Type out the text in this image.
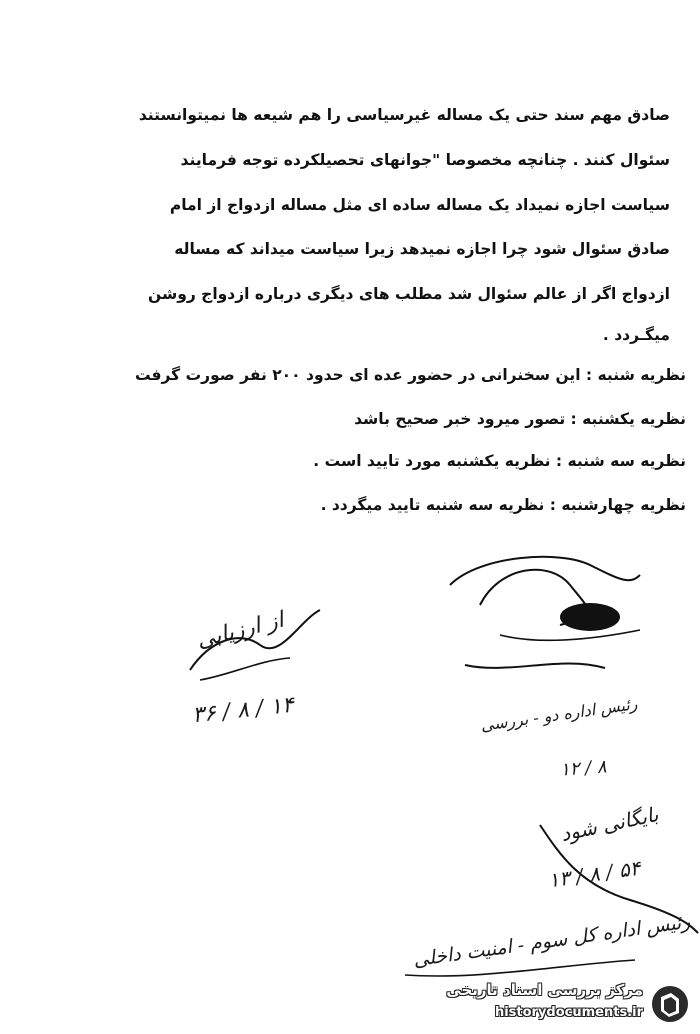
صادق مهم سند حتی یک مساله غیرسیاسی را هم شیعه ها نمیتوانستند
سئوال کنند . چنانچه مخصوصا "جوانهای تحصیلکرده توجه فرمایند
سیاست اجازه نمیداد یک مساله ساده ای مثل مساله ازدواج از امام
صادق سئوال شود چرا اجازه نمیدهد زیرا سیاست میداند که مساله
ازدواج اگر از عالم سئوال شد مطلب های دیگری درباره ازدواج روشن
میگـردد .
نظریه شنبه : این سخنرانی در حضور عده ای حدود ۲۰۰ نفر صورت گرفت
نظریه یکشنبه : تصور میرود خبر صحیح باشد
نظریه سه شنبه : نظریه یکشنبه مورد تایید است .
نظریه چهارشنبه : نظریه سه شنبه تایید میگردد .
از ارزیابی
۱۴ / ۸ / ۳۶	رئیس اداره دو - بررسی
۸ / ۱۲
بایگانی شود
۵۴ / ۸ / ۱۳
رئیس اداره کل سوم - امنیت داخلی
مرکز بررسی اسناد تاریخی
historydocuments.ir
